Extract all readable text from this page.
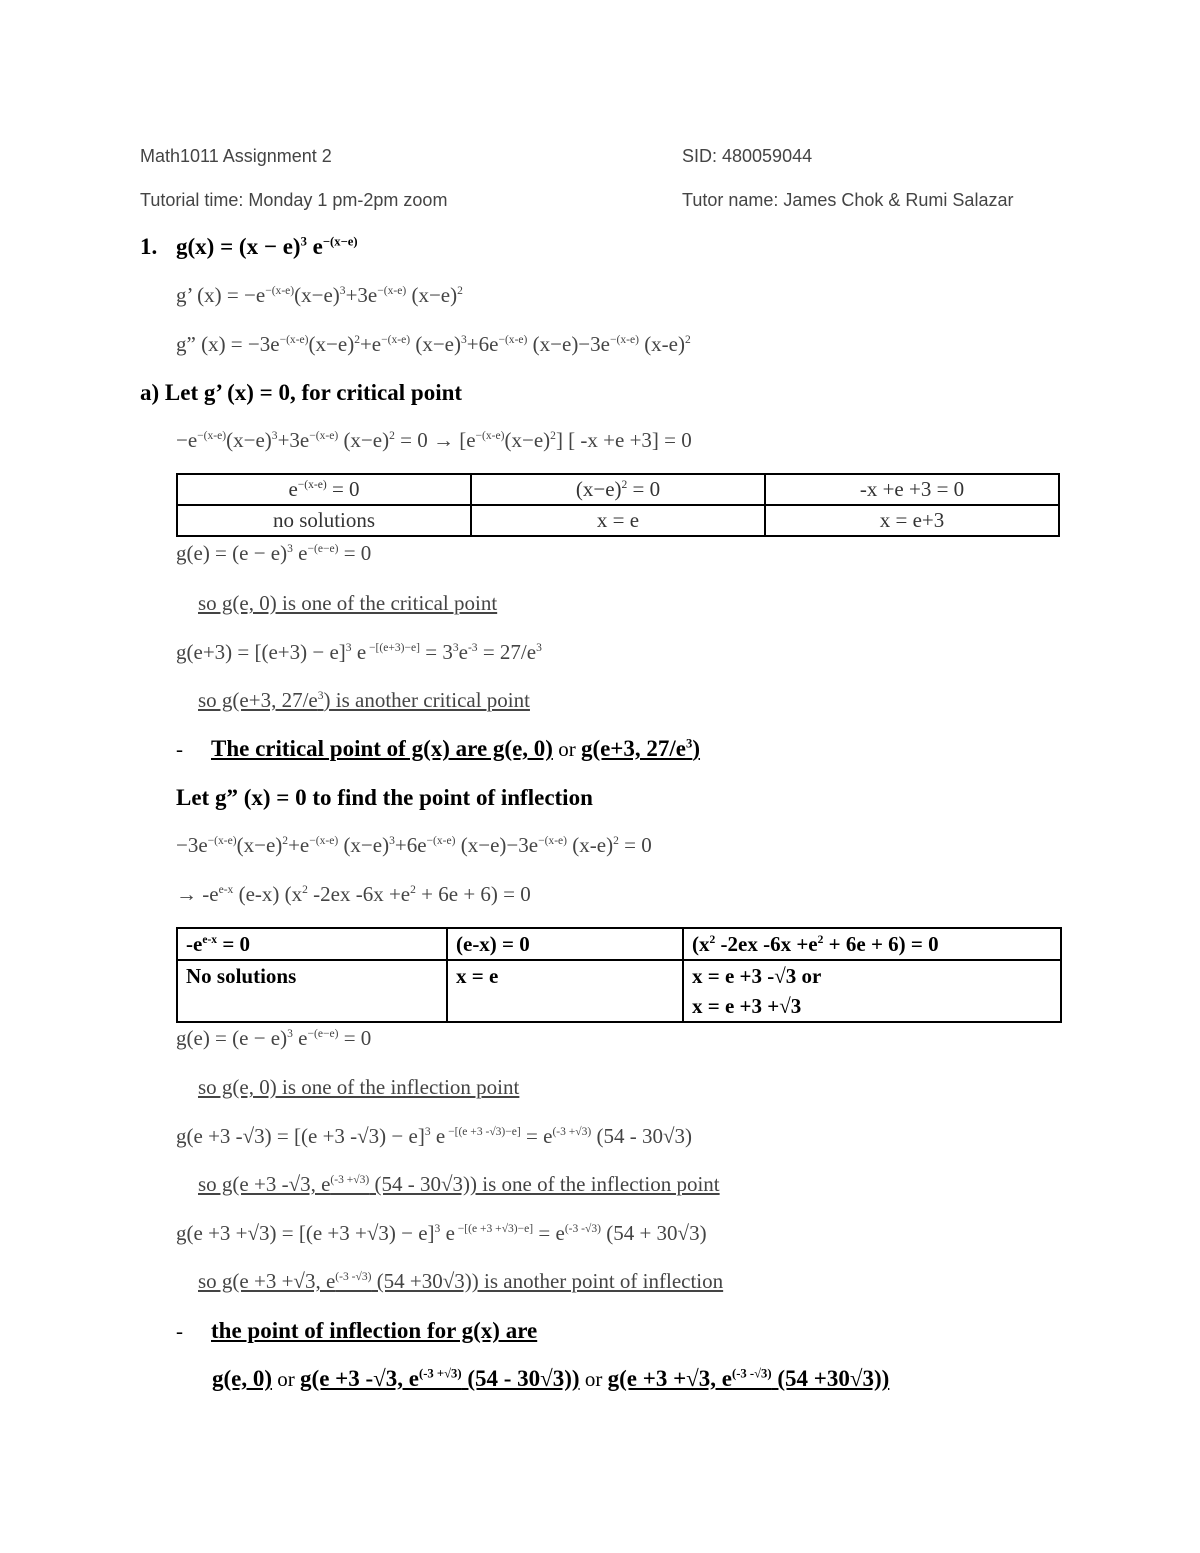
Math1011 Assignment 2	SID: 480059044
Tutorial time: Monday 1 pm-2pm zoom	Tutor name: James Chok & Rumi Salazar
1. $g(x) = (x - e)^3$ $e^{-(x-e)}$
g’ $(x) = -e^{-(x-e)}(x-e)^3+3e^{-(x-e)}$ $(x-e)^2$
g” $(x) = -3e^{-(x-e)}(x-e)^2+e^{-(x-e)}$ $(x-e)^3+6e^{-(x-e)}$ $(x-e)-3e^{-(x-e)}$ $(x-e)^2$
a) Let g’ (x) = 0, for critical point
$-e^{-(x-e)}(x-e)^3+3e^{-(x-e)}$ $(x-e)^2 = 0 \to [e^{-(x-e)}(x-e)^2]$ [ -x +e +3] = 0
$e^{-(x-e)} = 0$	$(x-e)^2 = 0$	-x +e +3 = 0
no solutions	x = e	x = e+3
$g(e) = (e - e)^3$ $e^{-(e-e)} = 0$
so g(e, 0) is one of the critical point
$g(e+3) = [(e+3) - e]^3$ e $^{-[(e+3)-e]} = 3^3e^{-3} = 27/e^3$
so g(e+3, $27/e^3$) is another critical point
- The critical point of g(x) are g(e, 0) or g(e+3, $27/e^3$)
Let g” (x) = 0 to find the point of inflection
$-3e^{-(x-e)}(x-e)^2+e^{-(x-e)}$ $(x-e)^3+6e^{-(x-e)}$ $(x-e)-3e^{-(x-e)}$ $(x-e)^2 = 0$
→ $-e^{e-x}$ (e-x) ($x^2$ -2ex $-6x +e^2 + 6e + 6) = 0$
$-e^{e-x} = 0$	(e-x) = 0	($x^2$ -2ex $-6x +e^2 + 6e + 6) = 0$
No solutions	x = e	x = e +3 -√3 or
x = e +3 +√3
$g(e) = (e - e)^3$ $e^{-(e-e)} = 0$
so g(e, 0) is one of the inflection point
g(e +3 -√3) = [(e +3 -√3) − e]$^3$ e $^{-[(e +3 -√3)-e]} = e^{(-3 +√3)}$ (54 - 30√3)
so g(e +3 -√3, $e^{(-3 +√3)}$ (54 - 30√3)) is one of the inflection point
$g(e +3 +√3) = [(e +3 +√3) - e]^3$ e $^{-[(e +3 +√3)-e]} = e^{(-3 -√3)}$ (54 + 30√3)
so g(e +3 +√3, $e^{(-3 -√3)}$ (54 +30√3)) is another point of inflection
- the point of inflection for g(x) are
g(e, 0) or g(e +3 -√3, $e^{(-3 +√3)}$ (54 - 30√3)) or g(e +3 +√3, $e^{(-3 -√3)}$ (54 +30√3))
